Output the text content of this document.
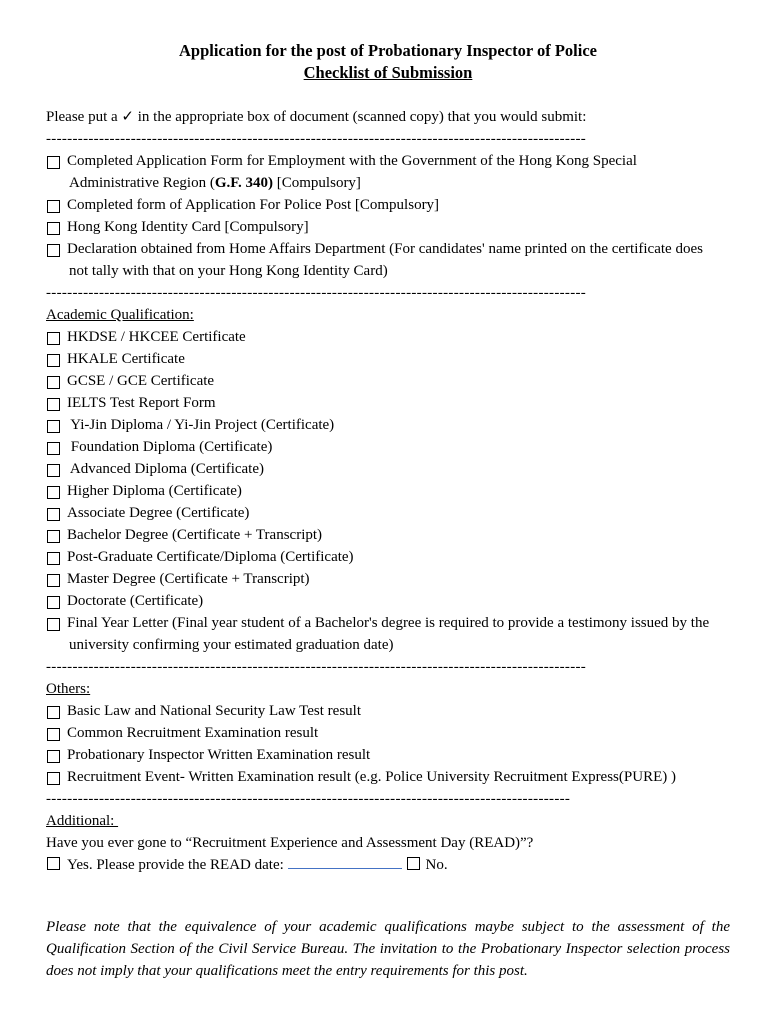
Application for the post of Probationary Inspector of Police
Checklist of Submission
Please put a ✓ in the appropriate box of document (scanned copy) that you would submit:
------------------------------------------------------------------------------------------------------
Completed Application Form for Employment with the Government of the Hong Kong Special
Administrative Region (G.F. 340) [Compulsory]
Completed form of Application For Police Post [Compulsory]
Hong Kong Identity Card [Compulsory]
Declaration obtained from Home Affairs Department (For candidates' name printed on the certificate does
not tally with that on your Hong Kong Identity Card)
------------------------------------------------------------------------------------------------------
Academic Qualification:
HKDSE / HKCEE Certificate
HKALE Certificate
GCSE / GCE Certificate
IELTS Test Report Form
Yi-Jin Diploma / Yi-Jin Project (Certificate)
Foundation Diploma (Certificate)
Advanced Diploma (Certificate)
Higher Diploma (Certificate)
Associate Degree (Certificate)
Bachelor Degree (Certificate + Transcript)
Post-Graduate Certificate/Diploma (Certificate)
Master Degree (Certificate + Transcript)
Doctorate (Certificate)
Final Year Letter (Final year student of a Bachelor's degree is required to provide a testimony issued by the
university confirming your estimated graduation date)
------------------------------------------------------------------------------------------------------
Others:
Basic Law and National Security Law Test result
Common Recruitment Examination result
Probationary Inspector Written Examination result
Recruitment Event- Written Examination result (e.g. Police University Recruitment Express(PURE) )
---------------------------------------------------------------------------------------------------
Additional:
Have you ever gone to “Recruitment Experience and Assessment Day (READ)”?
Yes. Please provide the READ date:	No.
Please note that the equivalence of your academic qualifications maybe subject to the assessment of the Qualification Section of the Civil Service Bureau. The invitation to the Probationary Inspector selection process does not imply that your qualifications meet the entry requirements for this post.
